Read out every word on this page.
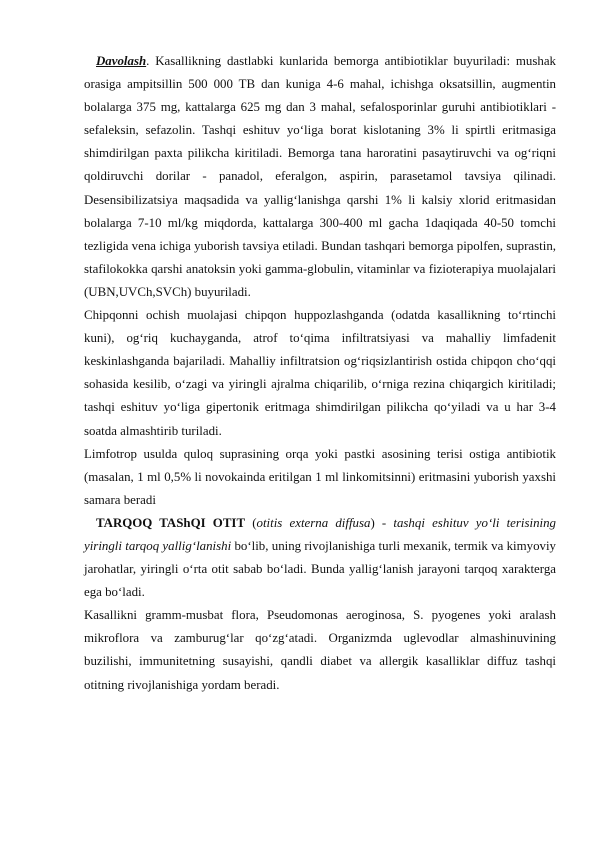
Davolash. Kasallikning dastlabki kunlarida bemorga antibiotiklar buyuriladi: mushak orasiga ampitsillin 500 000 TB dan kuniga 4-6 mahal, ichishga oksatsillin, augmentin bolalarga 375 mg, kattalarga 625 mg dan 3 mahal, sefalosporinlar guruhi antibiotiklari - sefaleksin, sefazolin. Tashqi eshituv yo‘liga borat kislotaning 3% li spirtli eritmasiga shimdirilgan paxta pilikcha kiritiladi. Bemorga tana haroratini pasaytiruvchi va og‘riqni qoldiruvchi dorilar - panadol, eferalgon, aspirin, parasetamol tavsiya qilinadi. Desensibilizatsiya maqsadida va yallig‘lanishga qarshi 1% li kalsiy xlorid eritmasidan bolalarga 7-10 ml/kg miqdorda, kattalarga 300-400 ml gacha 1daqiqada 40-50 tomchi tezligida vena ichiga yuborish tavsiya etiladi. Bundan tashqari bemorga pipolfen, suprastin, stafilokokka qarshi anatoksin yoki gamma-globulin, vitaminlar va fizioterapiya muolajalari (UBN,UVCh,SVCh) buyuriladi.

Chipqonni ochish muolajasi chipqon huppozlashganda (odatda kasallikning to‘rtinchi kuni), og‘riq kuchayganda, atrof to‘qima infiltratsiyasi va mahalliy limfadenit keskinlashganda bajariladi. Mahalliy infiltratsion og‘riqsizlantirish ostida chipqon cho‘qqi sohasida kesilib, o‘zagi va yiringli ajralma chiqarilib, o‘rniga rezina chiqargich kiritiladi; tashqi eshituv yo‘liga gipertonik eritmaga shimdirilgan pilikcha qo‘yiladi va u har 3-4 soatda almashtirib turiladi.

Limfotrop usulda quloq suprasining orqa yoki pastki asosining terisi ostiga antibiotik (masalan, 1 ml 0,5% li novokainda eritilgan 1 ml linkomitsinni) eritmasini yuborish yaxshi samara beradi

TARQOQ TAShQI OTIT (otitis externa diffusa) - tashqi eshituv yo‘li terisining yiringli tarqoq yallig‘lanishi bo‘lib, uning rivojlanishiga turli mexanik, termik va kimyoviy jarohatlar, yiringli o‘rta otit sabab bo‘ladi. Bunda yallig‘lanish jarayoni tarqoq xarakterga ega bo‘ladi.

Kasallikni gramm-musbat flora, Pseudomonas aeroginosa, S. pyogenes yoki aralash mikroflora va zamburug‘lar qo‘zg‘atadi. Organizmda uglevodlar almashinuvining buzilishi, immunitetning susayishi, qandli diabet va allergik kasalliklar diffuz tashqi otitning rivojlanishiga yordam beradi.
